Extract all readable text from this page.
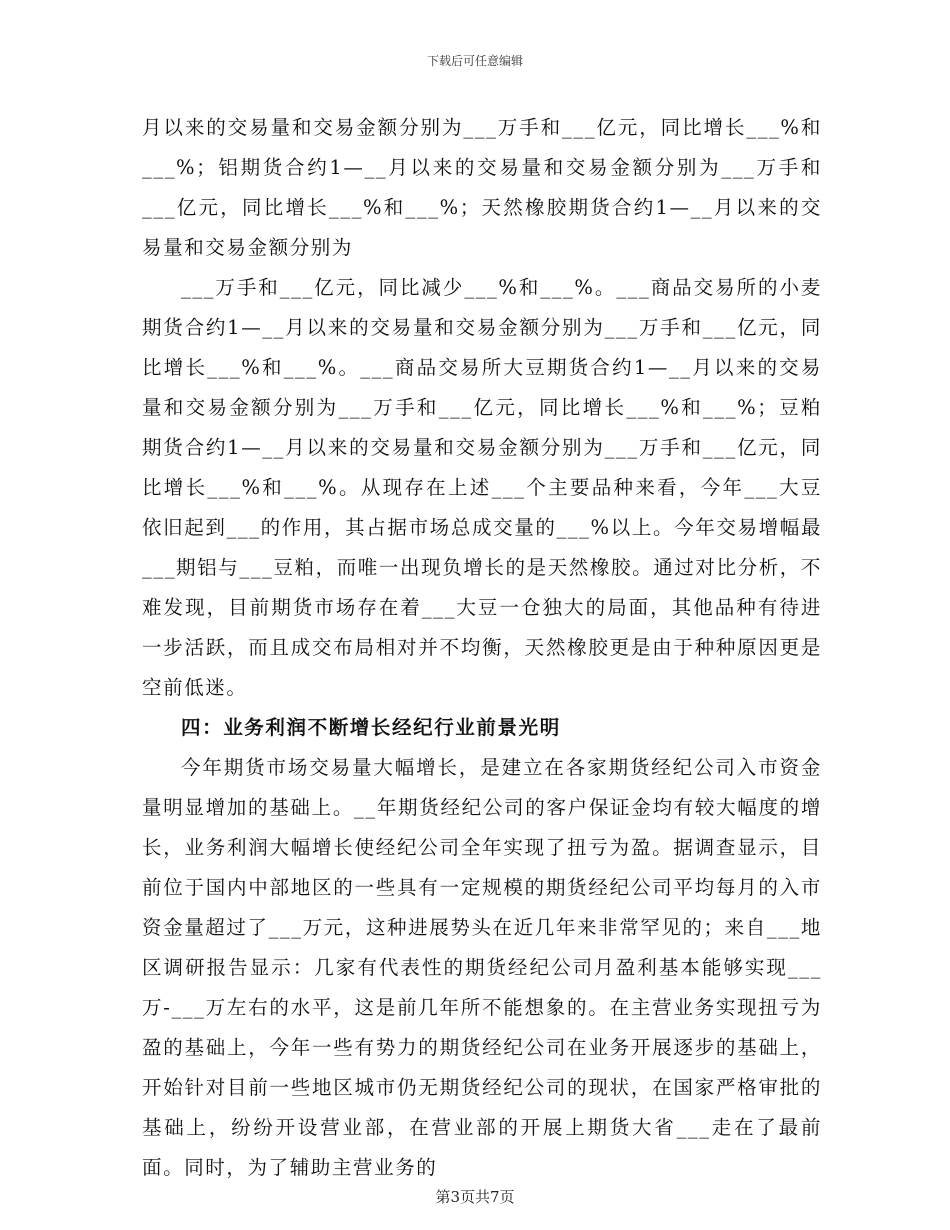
下载后可任意编辑

月以来的交易量和交易金额分别为___万手和___亿元，同比增长___%和___%；铝期货合约1—__月以来的交易量和交易金额分别为___万手和___亿元，同比增长___%和___%；天然橡胶期货合约1—__月以来的交易量和交易金额分别为

___万手和___亿元，同比减少___%和___%。___商品交易所的小麦期货合约1—__月以来的交易量和交易金额分别为___万手和___亿元，同比增长___%和___%。___商品交易所大豆期货合约1—__月以来的交易量和交易金额分别为___万手和___亿元，同比增长___%和___%；豆粕期货合约1—__月以来的交易量和交易金额分别为___万手和___亿元，同比增长___%和___%。从现存在上述___个主要品种来看，今年___大豆依旧起到___的作用，其占据市场总成交量的___%以上。今年交易增幅最___期铝与___豆粕，而唯一出现负增长的是天然橡胶。通过对比分析，不难发现，目前期货市场存在着___大豆一仓独大的局面，其他品种有待进一步活跃，而且成交布局相对并不均衡，天然橡胶更是由于种种原因更是空前低迷。

四：业务利润不断增长经纪行业前景光明

今年期货市场交易量大幅增长，是建立在各家期货经纪公司入市资金量明显增加的基础上。__年期货经纪公司的客户保证金均有较大幅度的增长，业务利润大幅增长使经纪公司全年实现了扭亏为盈。据调查显示，目前位于国内中部地区的一些具有一定规模的期货经纪公司平均每月的入市资金量超过了___万元，这种进展势头在近几年来非常罕见的；来自___地区调研报告显示：几家有代表性的期货经纪公司月盈利基本能够实现___万-___万左右的水平，这是前几年所不能想象的。在主营业务实现扭亏为盈的基础上，今年一些有势力的期货经纪公司在业务开展逐步的基础上，开始针对目前一些地区城市仍无期货经纪公司的现状，在国家严格审批的基础上，纷纷开设营业部，在营业部的开展上期货大省___走在了最前面。同时，为了辅助主营业务的

第3页共7页
